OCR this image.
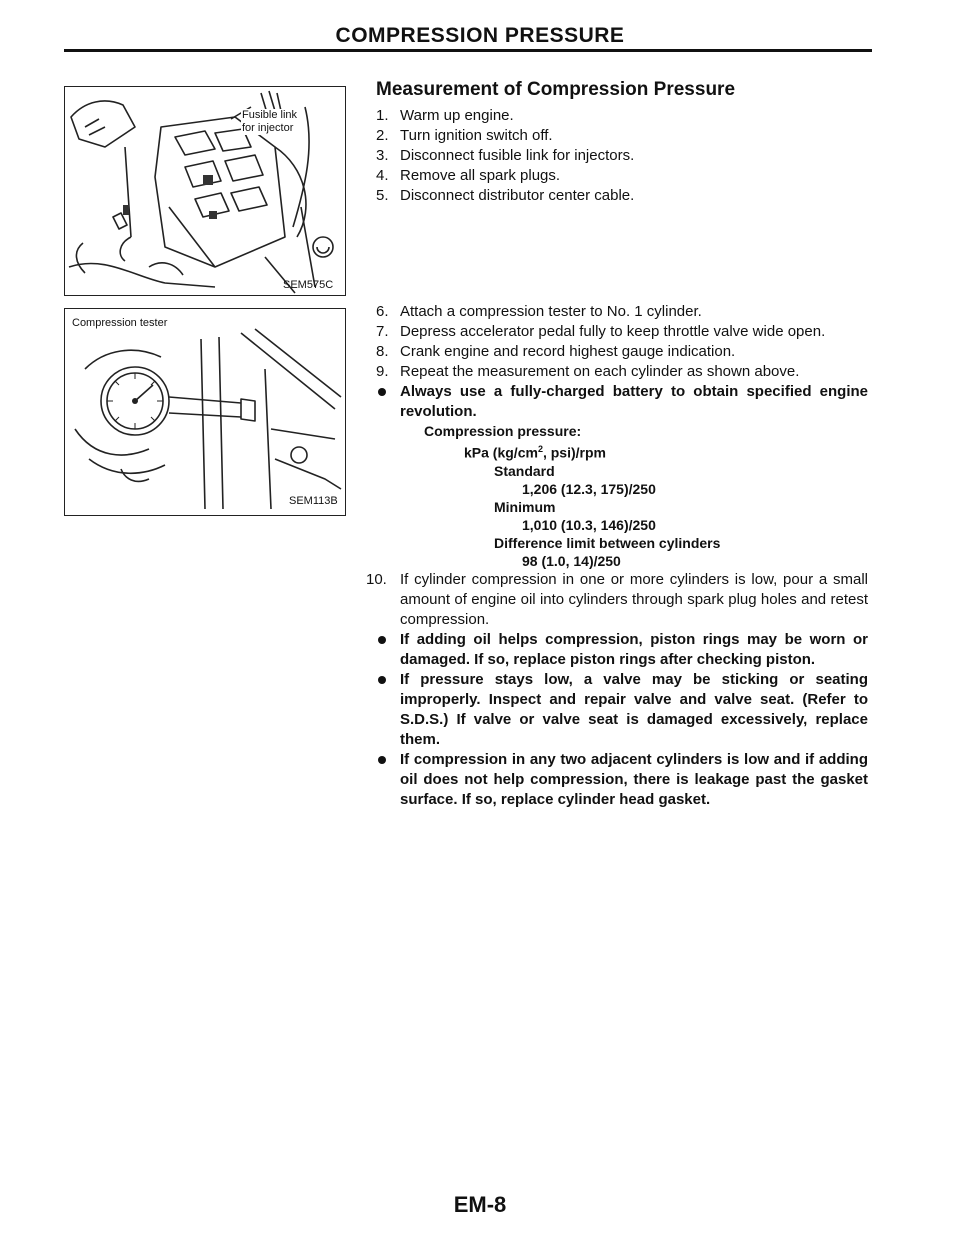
COMPRESSION PRESSURE
Fusible link
for injector
SEM575C
Compression tester
SEM113B
Measurement of Compression Pressure
1. Warm up engine.
2. Turn ignition switch off.
3. Disconnect fusible link for injectors.
4. Remove all spark plugs.
5. Disconnect distributor center cable.
6. Attach a compression tester to No. 1 cylinder.
7. Depress accelerator pedal fully to keep throttle valve wide open.
8. Crank engine and record highest gauge indication.
9. Repeat the measurement on each cylinder as shown above.
Always use a fully-charged battery to obtain specified engine revolution.
Compression pressure:
kPa ($kg/cm^2$, psi)/rpm
Standard
1,206 (12.3, 175)/250
Minimum
1,010 (10.3, 146)/250
Difference limit between cylinders
98 (1.0, 14)/250
10. If cylinder compression in one or more cylinders is low, pour a small amount of engine oil into cylinders through spark plug holes and retest compression.
If adding oil helps compression, piston rings may be worn or damaged. If so, replace piston rings after checking piston.
If pressure stays low, a valve may be sticking or seating improperly. Inspect and repair valve and valve seat. (Refer to S.D.S.) If valve or valve seat is damaged excessively, replace them.
If compression in any two adjacent cylinders is low and if adding oil does not help compression, there is leakage past the gasket surface. If so, replace cylinder head gasket.
EM-8
